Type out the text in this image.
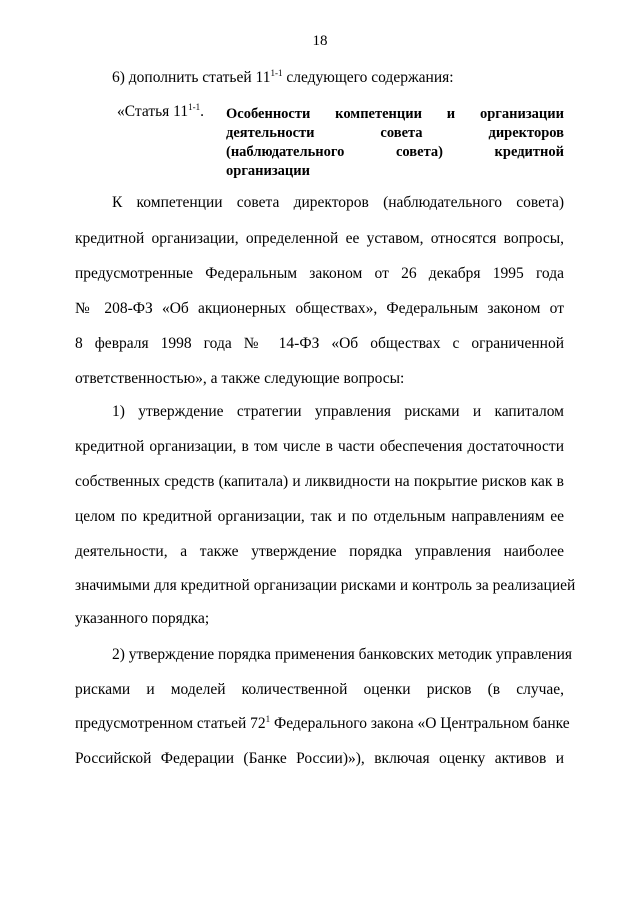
18
6) дополнить статьей 11$^{1-1}$ следующего содержания:
«Статья 11$^{1-1}$. Особенности компетенции и организации
деятельности совета директоров
(наблюдательного совета) кредитной
организации
К компетенции совета директоров (наблюдательного совета)
кредитной организации, определенной ее уставом, относятся вопросы,
предусмотренные Федеральным законом от 26 декабря 1995 года
№ 208-ФЗ «Об акционерных обществах», Федеральным законом от
8 февраля 1998 года № 14-ФЗ «Об обществах с ограниченной
ответственностью», а также следующие вопросы:
1) утверждение стратегии управления рисками и капиталом
кредитной организации, в том числе в части обеспечения достаточности
собственных средств (капитала) и ликвидности на покрытие рисков как в
целом по кредитной организации, так и по отдельным направлениям ее
деятельности, а также утверждение порядка управления наиболее
значимыми для кредитной организации рисками и контроль за реализацией
указанного порядка;
2) утверждение порядка применения банковских методик управления
рисками и моделей количественной оценки рисков (в случае,
предусмотренном статьей $72^1$ Федерального закона «О Центральном банке
Российской Федерации (Банке России)»), включая оценку активов и
